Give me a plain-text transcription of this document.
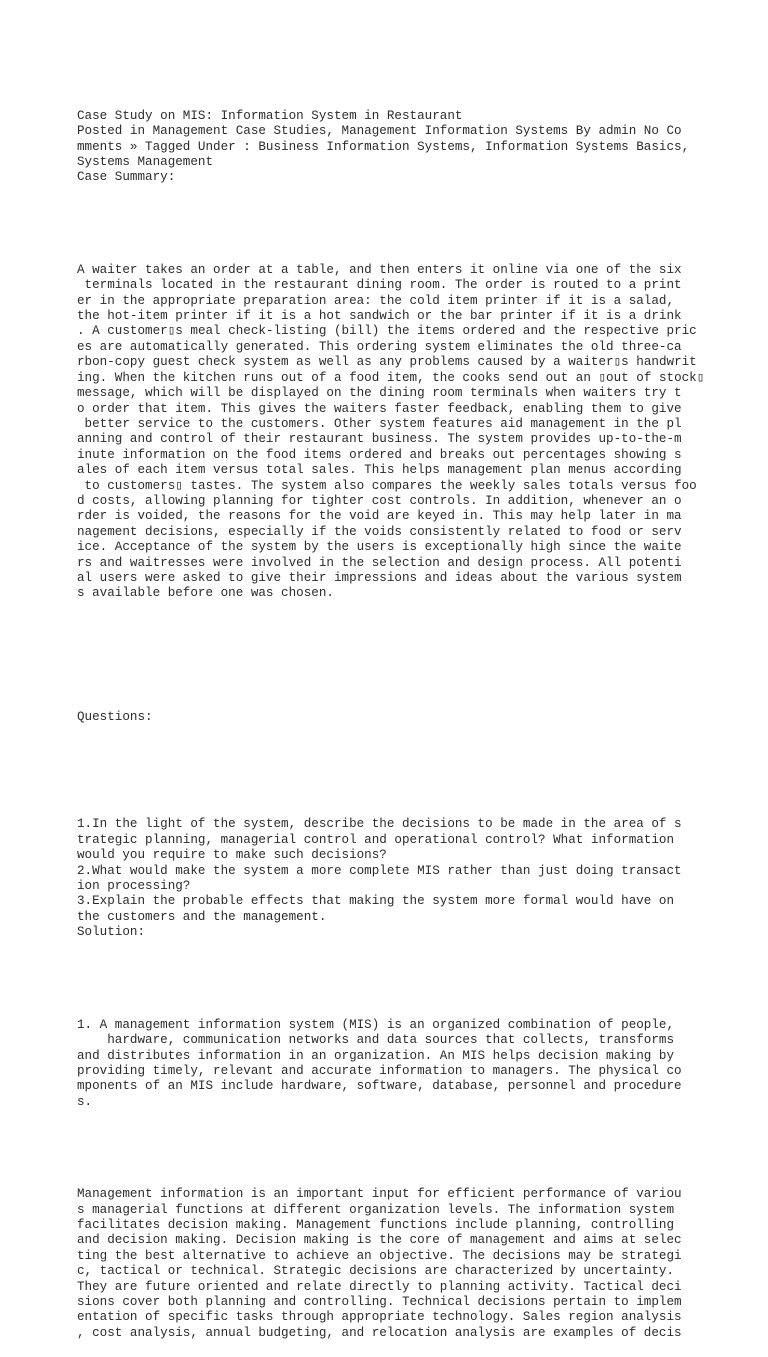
Case Study on MIS: Information System in Restaurant
Posted in Management Case Studies, Management Information Systems By admin No Co
mments » Tagged Under : Business Information Systems, Information Systems Basics,
Systems Management
Case Summary:

A waiter takes an order at a table, and then enters it online via one of the six
terminals located in the restaurant dining room. The order is routed to a print
er in the appropriate preparation area: the cold item printer if it is a salad,
the hot-item printer if it is a hot sandwich or the bar printer if it is a drink
. A customer▯s meal check-listing (bill) the items ordered and the respective pric
es are automatically generated. This ordering system eliminates the old three-ca
rbon-copy guest check system as well as any problems caused by a waiter▯s handwrit
ing. When the kitchen runs out of a food item, the cooks send out an ▯out of stock▯
message, which will be displayed on the dining room terminals when waiters try t
o order that item. This gives the waiters faster feedback, enabling them to give
better service to the customers. Other system features aid management in the pl
anning and control of their restaurant business. The system provides up-to-the-m
inute information on the food items ordered and breaks out percentages showing s
ales of each item versus total sales. This helps management plan menus according
to customers▯ tastes. The system also compares the weekly sales totals versus foo
d costs, allowing planning for tighter cost controls. In addition, whenever an o
rder is voided, the reasons for the void are keyed in. This may help later in ma
nagement decisions, especially if the voids consistently related to food or serv
ice. Acceptance of the system by the users is exceptionally high since the waite
rs and waitresses were involved in the selection and design process. All potenti
al users were asked to give their impressions and ideas about the various system
s available before one was chosen.

Questions:

1.In the light of the system, describe the decisions to be made in the area of s
trategic planning, managerial control and operational control? What information
would you require to make such decisions?
2.What would make the system a more complete MIS rather than just doing transact
ion processing?
3.Explain the probable effects that making the system more formal would have on
the customers and the management.
Solution:

1. A management information system (MIS) is an organized combination of people,
hardware, communication networks and data sources that collects, transforms
and distributes information in an organization. An MIS helps decision making by
providing timely, relevant and accurate information to managers. The physical co
mponents of an MIS include hardware, software, database, personnel and procedure
s.

Management information is an important input for efficient performance of variou
s managerial functions at different organization levels. The information system
facilitates decision making. Management functions include planning, controlling
and decision making. Decision making is the core of management and aims at selec
ting the best alternative to achieve an objective. The decisions may be strategi
c, tactical or technical. Strategic decisions are characterized by uncertainty.
They are future oriented and relate directly to planning activity. Tactical deci
sions cover both planning and controlling. Technical decisions pertain to implem
entation of specific tasks through appropriate technology. Sales region analysis
, cost analysis, annual budgeting, and relocation analysis are examples of decis
